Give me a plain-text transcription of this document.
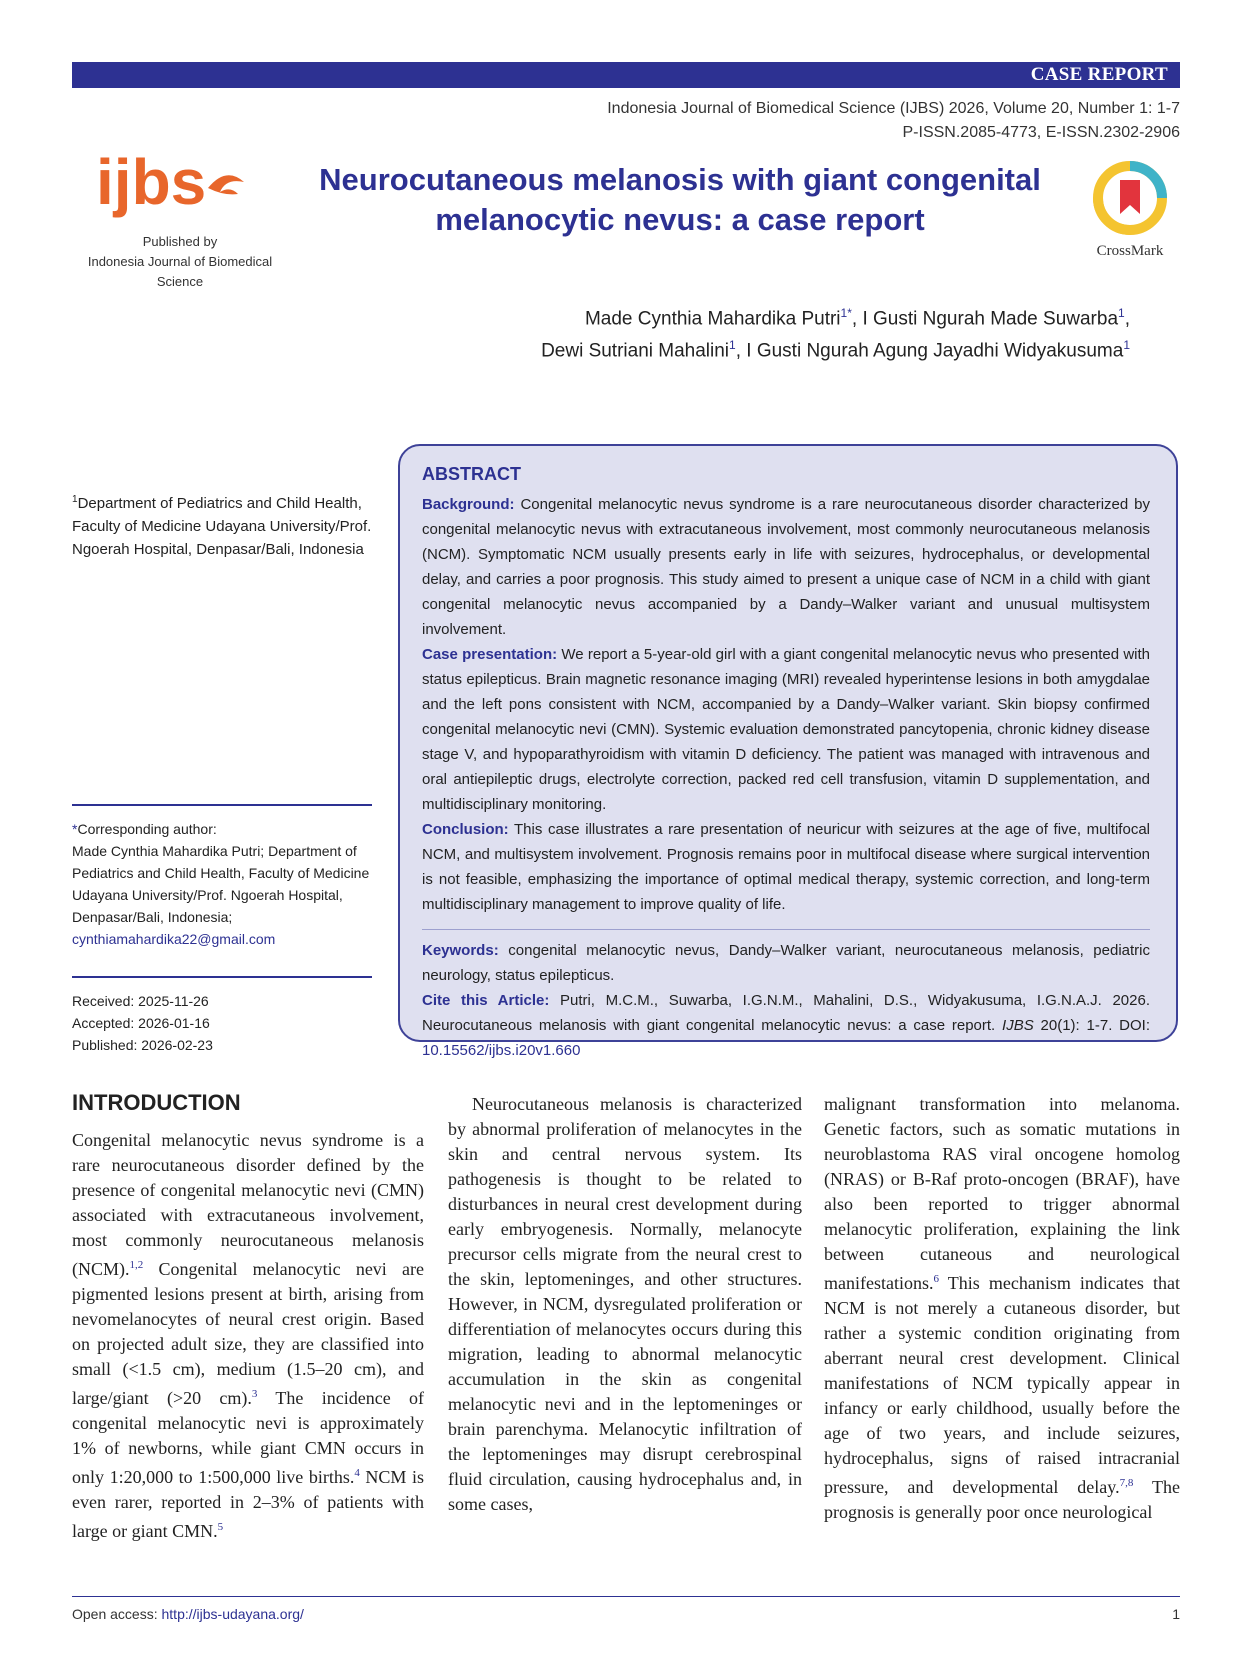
CASE REPORT
Indonesia Journal of Biomedical Science (IJBS) 2026, Volume 20, Number 1: 1-7
P-ISSN.2085-4773, E-ISSN.2302-2906
ijbs
Published by
Indonesia Journal of Biomedical Science
Neurocutaneous melanosis with giant congenital
melanocytic nevus: a case report
CrossMark
Made Cynthia Mahardika Putri$^{1*}$, I Gusti Ngurah Made Suwarba$^1$,
Dewi Sutriani Mahalini$^1$, I Gusti Ngurah Agung Jayadhi Widyakusuma$^1$
$^1$Department of Pediatrics and Child Health, Faculty of Medicine Udayana University/Prof. Ngoerah Hospital, Denpasar/Bali, Indonesia
*Corresponding author:
Made Cynthia Mahardika Putri; Department of Pediatrics and Child Health, Faculty of Medicine Udayana University/Prof. Ngoerah Hospital, Denpasar/Bali, Indonesia;
cynthiamahardika22@gmail.com
Received: 2025-11-26
Accepted: 2026-01-16
Published: 2026-02-23
ABSTRACT

Background: Congenital melanocytic nevus syndrome is a rare neurocutaneous disorder characterized by congenital melanocytic nevus with extracutaneous involvement, most commonly neurocutaneous melanosis (NCM). Symptomatic NCM usually presents early in life with seizures, hydrocephalus, or developmental delay, and carries a poor prognosis. This study aimed to present a unique case of NCM in a child with giant congenital melanocytic nevus accompanied by a Dandy–Walker variant and unusual multisystem involvement.

Case presentation: We report a 5-year-old girl with a giant congenital melanocytic nevus who presented with status epilepticus. Brain magnetic resonance imaging (MRI) revealed hyperintense lesions in both amygdalae and the left pons consistent with NCM, accompanied by a Dandy–Walker variant. Skin biopsy confirmed congenital melanocytic nevi (CMN). Systemic evaluation demonstrated pancytopenia, chronic kidney disease stage V, and hypoparathyroidism with vitamin D deficiency. The patient was managed with intravenous and oral antiepileptic drugs, electrolyte correction, packed red cell transfusion, vitamin D supplementation, and multidisciplinary monitoring.

Conclusion: This case illustrates a rare presentation of neuricur with seizures at the age of five, multifocal NCM, and multisystem involvement. Prognosis remains poor in multifocal disease where surgical intervention is not feasible, emphasizing the importance of optimal medical therapy, systemic correction, and long-term multidisciplinary management to improve quality of life.

Keywords: congenital melanocytic nevus, Dandy–Walker variant, neurocutaneous melanosis, pediatric neurology, status epilepticus.

Cite this Article: Putri, M.C.M., Suwarba, I.G.N.M., Mahalini, D.S., Widyakusuma, I.G.N.A.J. 2026. Neurocutaneous melanosis with giant congenital melanocytic nevus: a case report. IJBS 20(1): 1-7. DOI: 10.15562/ijbs.i20v1.660

INTRODUCTION

Congenital melanocytic nevus syndrome is a rare neurocutaneous disorder defined by the presence of congenital melanocytic nevi (CMN) associated with extracutaneous involvement, most commonly neurocutaneous melanosis (NCM).$^{1,2}$ Congenital melanocytic nevi are pigmented lesions present at birth, arising from nevomelanocytes of neural crest origin. Based on projected adult size, they are classified into small (<1.5 cm), medium (1.5–20 cm), and large/giant (>20 cm).$^3$ The incidence of congenital melanocytic nevi is approximately 1% of newborns, while giant CMN occurs in only 1:20,000 to 1:500,000 live births.$^4$ NCM is even rarer, reported in 2–3% of patients with large or giant CMN.$^5$

Neurocutaneous melanosis is characterized by abnormal proliferation of melanocytes in the skin and central nervous system. Its pathogenesis is thought to be related to disturbances in neural crest development during early embryogenesis. Normally, melanocyte precursor cells migrate from the neural crest to the skin, leptomeninges, and other structures. However, in NCM, dysregulated proliferation or differentiation of melanocytes occurs during this migration, leading to abnormal melanocytic accumulation in the skin as congenital melanocytic nevi and in the leptomeninges or brain parenchyma. Melanocytic infiltration of the leptomeninges may disrupt cerebrospinal fluid circulation, causing hydrocephalus and, in some cases,

malignant transformation into melanoma. Genetic factors, such as somatic mutations in neuroblastoma RAS viral oncogene homolog (NRAS) or B-Raf proto-oncogen (BRAF), have also been reported to trigger abnormal melanocytic proliferation, explaining the link between cutaneous and neurological manifestations.$^6$ This mechanism indicates that NCM is not merely a cutaneous disorder, but rather a systemic condition originating from aberrant neural crest development. Clinical manifestations of NCM typically appear in infancy or early childhood, usually before the age of two years, and include seizures, hydrocephalus, signs of raised intracranial pressure, and developmental delay.$^{7,8}$ The prognosis is generally poor once neurological

Open access: http://ijbs-udayana.org/	1
